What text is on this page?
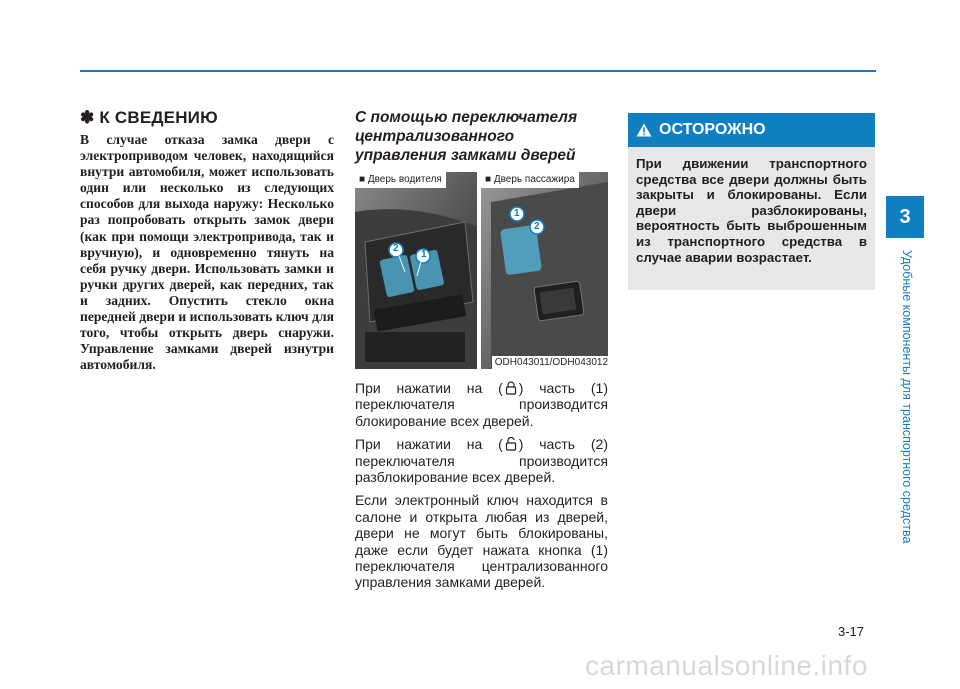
✽ К СВЕДЕНИЮ

В случае отказа замка двери с электроприводом человек, находящийся внутри автомобиля, может использовать один или несколько из следующих способов для выхода наружу: Несколько раз попробовать открыть замок двери (как при помощи электропривода, так и вручную), и одновременно тянуть на себя ручку двери. Использовать замки и ручки других дверей, как передних, так и задних. Опустить стекло окна передней двери и использовать ключ для того, чтобы открыть дверь снаружи. Управление замками дверей изнутри автомобиля.

С помощью переключателя централизованного управления замками дверей
■ Дверь водителя
2
1
■ Дверь пассажира
1
2
ODH043011/ODH043012

При нажатии на ( ) часть (1) переключателя производится блокирование всех дверей.

При нажатии на ( ) часть (2) переключателя производится разблокирование всех дверей.

Если электронный ключ находится в салоне и открыта любая из дверей, двери не могут быть блокированы, даже если будет нажата кнопка (1) переключателя централизованного управления замками дверей.

ОСТОРОЖНО
При движении транспортного средства все двери должны быть закрыты и блокированы. Если двери разблокированы, вероятность быть выброшенным из транспортного средства в случае аварии возрастает.
3
Удобные компоненты для транспортного средства
3-17
carmanualsonline.info
